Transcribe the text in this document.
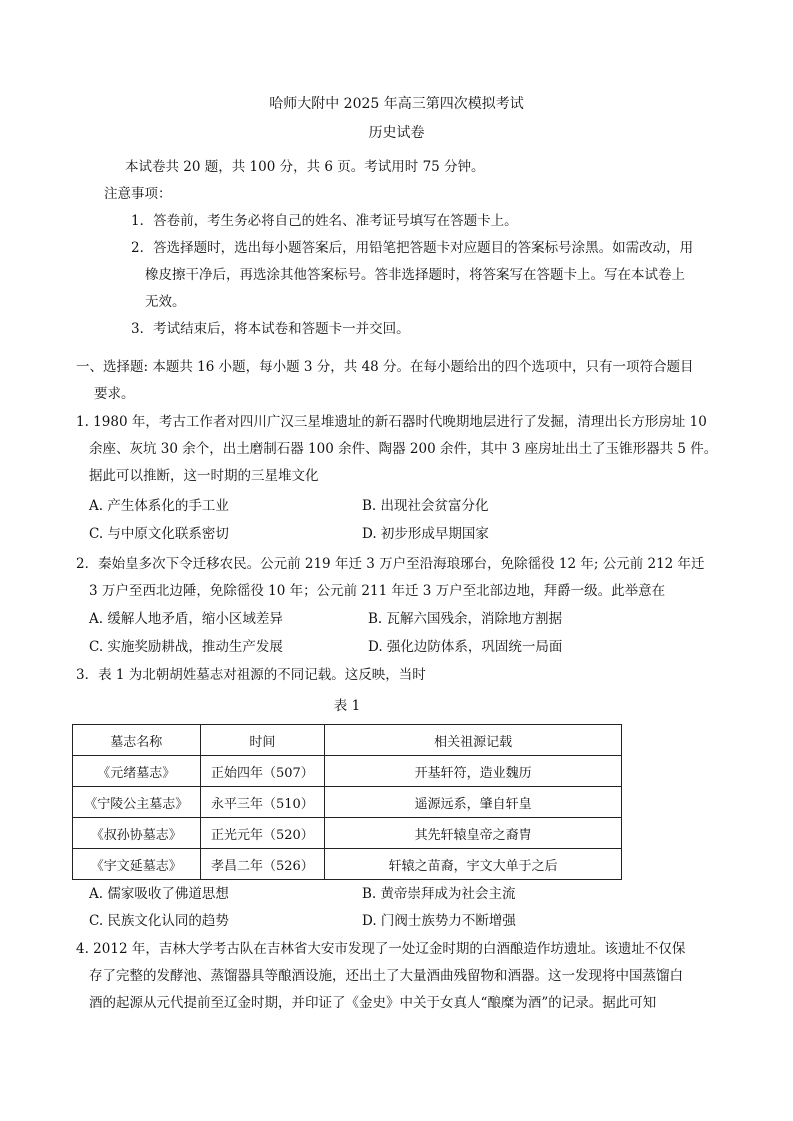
哈师大附中 2025 年高三第四次模拟考试
历史试卷
本试卷共 20 题，共 100 分，共 6 页。考试用时 75 分钟。
注意事项：
1．答卷前，考生务必将自己的姓名、准考证号填写在答题卡上。
2．答选择题时，选出每小题答案后，用铅笔把答题卡对应题目的答案标号涂黑。如需改动，用
橡皮擦干净后，再选涂其他答案标号。答非选择题时，将答案写在答题卡上。写在本试卷上
无效。
3．考试结束后，将本试卷和答题卡一并交回。
一、选择题: 本题共 16 小题，每小题 3 分，共 48 分。在每小题给出的四个选项中，只有一项符合题目
要求。
1. 1980 年，考古工作者对四川广汉三星堆遗址的新石器时代晚期地层进行了发掘，清理出长方形房址 10
余座、灰坑 30 余个，出土磨制石器 100 余件、陶器 200 余件，其中 3 座房址出土了玉锥形器共 5 件。
据此可以推断，这一时期的三星堆文化
A. 产生体系化的手工业	B. 出现社会贫富分化
C. 与中原文化联系密切	D. 初步形成早期国家
2．秦始皇多次下令迁移农民。公元前 219 年迁 3 万户至沿海琅琊台，免除徭役 12 年; 公元前 212 年迁
3 万户至西北边陲，免除徭役 10 年；公元前 211 年迁 3 万户至北部边地，拜爵一级。此举意在
A. 缓解人地矛盾，缩小区域差异	B. 瓦解六国残余，消除地方割据
C. 实施奖励耕战，推动生产发展	D. 强化边防体系，巩固统一局面
3．表 1 为北朝胡姓墓志对祖源的不同记载。这反映，当时
表 1
墓志名称	时间	相关祖源记载
《元绪墓志》	正始四年（507）	开基轩符，造业魏历
《宁陵公主墓志》	永平三年（510）	遥源远系，肇自轩皇
《叔孙协墓志》	正光元年（520）	其先轩辕皇帝之裔胄
《宇文延墓志》	孝昌二年（526）	轩辕之苗裔，宇文大单于之后
A. 儒家吸收了佛道思想	B. 黄帝崇拜成为社会主流
C. 民族文化认同的趋势	D. 门阀士族势力不断增强
4. 2012 年，吉林大学考古队在吉林省大安市发现了一处辽金时期的白酒酿造作坊遗址。该遗址不仅保
存了完整的发酵池、蒸馏器具等酿酒设施，还出土了大量酒曲残留物和酒器。这一发现将中国蒸馏白
酒的起源从元代提前至辽金时期，并印证了《金史》中关于女真人“酿糜为酒”的记录。据此可知
